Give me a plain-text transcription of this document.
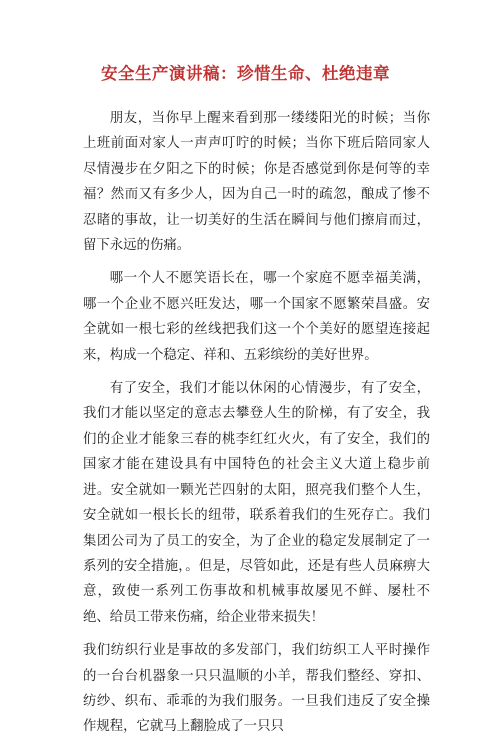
安全生产演讲稿：珍惜生命、杜绝违章

朋友，当你早上醒来看到那一缕缕阳光的时候；当你上班前面对家人一声声叮咛的时候；当你下班后陪同家人尽情漫步在夕阳之下的时候；你是否感觉到你是何等的幸福？然而又有多少人，因为自己一时的疏忽，酿成了惨不忍睹的事故，让一切美好的生活在瞬间与他们擦肩而过，留下永远的伤痛。

哪一个人不愿笑语长在，哪一个家庭不愿幸福美满，哪一个企业不愿兴旺发达，哪一个国家不愿繁荣昌盛。安全就如一根七彩的丝线把我们这一个个美好的愿望连接起来，构成一个稳定、祥和、五彩缤纷的美好世界。

有了安全，我们才能以休闲的心情漫步，有了安全，我们才能以坚定的意志去攀登人生的阶梯，有了安全，我们的企业才能象三春的桃李红红火火，有了安全，我们的国家才能在建设具有中国特色的社会主义大道上稳步前进。安全就如一颗光芒四射的太阳，照亮我们整个人生，安全就如一根长长的纽带，联系着我们的生死存亡。我们集团公司为了员工的安全，为了企业的稳定发展制定了一系列的安全措施，。但是，尽管如此，还是有些人员麻痹大意，致使一系列工伤事故和机械事故屡见不鲜、屡杜不绝、给员工带来伤痛，给企业带来损失！

我们纺织行业是事故的多发部门，我们纺织工人平时操作的一台台机器象一只只温顺的小羊，帮我们整经、穿扣、纺纱、织布、乖乖的为我们服务。一旦我们违反了安全操作规程，它就马上翻脸成了一只只
